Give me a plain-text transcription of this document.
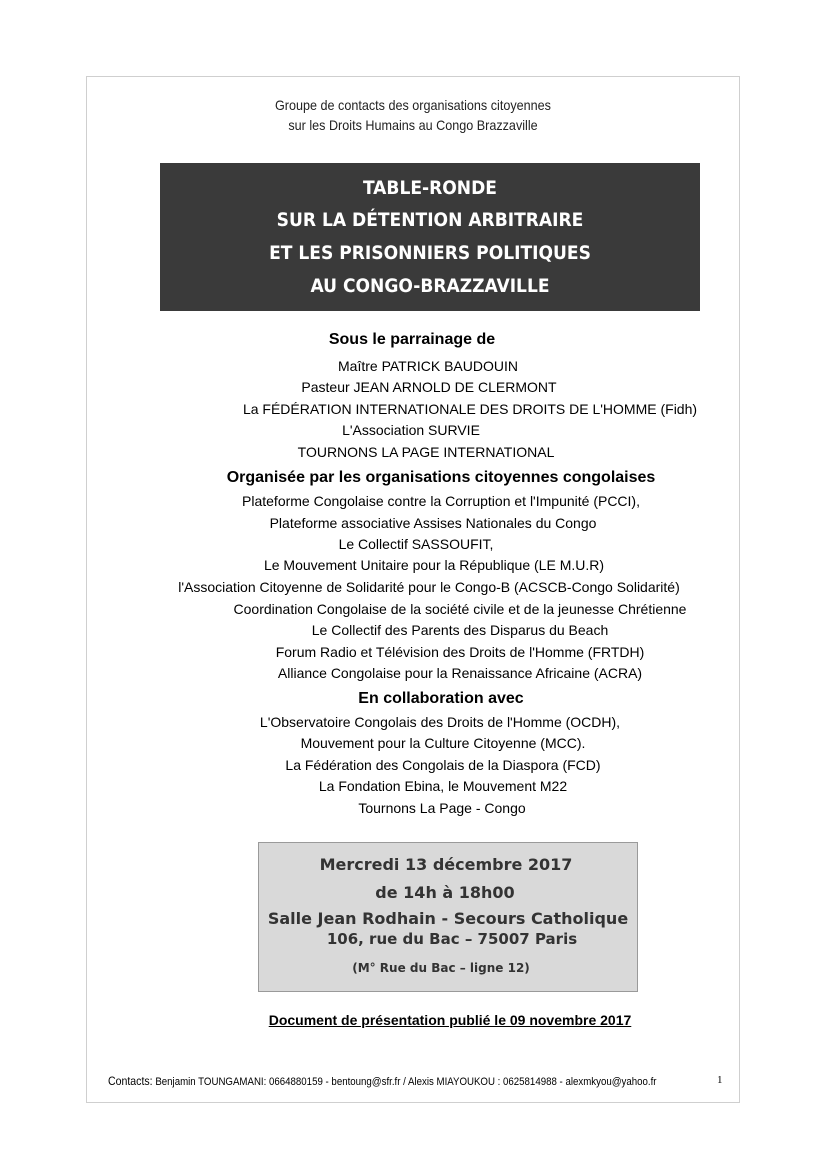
Groupe de contacts des organisations citoyennes
sur les Droits Humains au Congo Brazzaville
TABLE-RONDE
SUR LA DÉTENTION ARBITRAIRE
ET LES PRISONNIERS POLITIQUES
AU CONGO-BRAZZAVILLE
Sous le parrainage de
Maître PATRICK BAUDOUIN
Pasteur JEAN ARNOLD DE CLERMONT
La FÉDÉRATION INTERNATIONALE DES DROITS DE L'HOMME (Fidh)
L'Association SURVIE
TOURNONS LA PAGE INTERNATIONAL
Organisée par les organisations citoyennes congolaises
Plateforme Congolaise contre la Corruption et l'Impunité (PCCI),
Plateforme associative Assises Nationales du Congo
Le Collectif SASSOUFIT,
Le Mouvement Unitaire pour la République (LE M.U.R)
l'Association Citoyenne de Solidarité pour le Congo-B (ACSCB-Congo Solidarité)
Coordination Congolaise de la société civile et de la jeunesse Chrétienne
Le Collectif des Parents des Disparus du Beach
Forum Radio et Télévision des Droits de l'Homme (FRTDH)
Alliance Congolaise pour la Renaissance Africaine (ACRA)
En collaboration avec
L'Observatoire Congolais des Droits de l'Homme (OCDH),
Mouvement pour la Culture Citoyenne (MCC).
La Fédération des Congolais de la Diaspora (FCD)
La Fondation Ebina, le Mouvement M22
Tournons La Page - Congo
Mercredi 13 décembre 2017
de 14h à 18h00
Salle Jean Rodhain - Secours Catholique
106, rue du Bac – 75007 Paris
(M° Rue du Bac – ligne 12)
Document de présentation publié le 09 novembre 2017
Contacts: Benjamin TOUNGAMANI: 0664880159 - bentoung@sfr.fr / Alexis MIAYOUKOU : 0625814988 - alexmkyou@yahoo.fr	1
